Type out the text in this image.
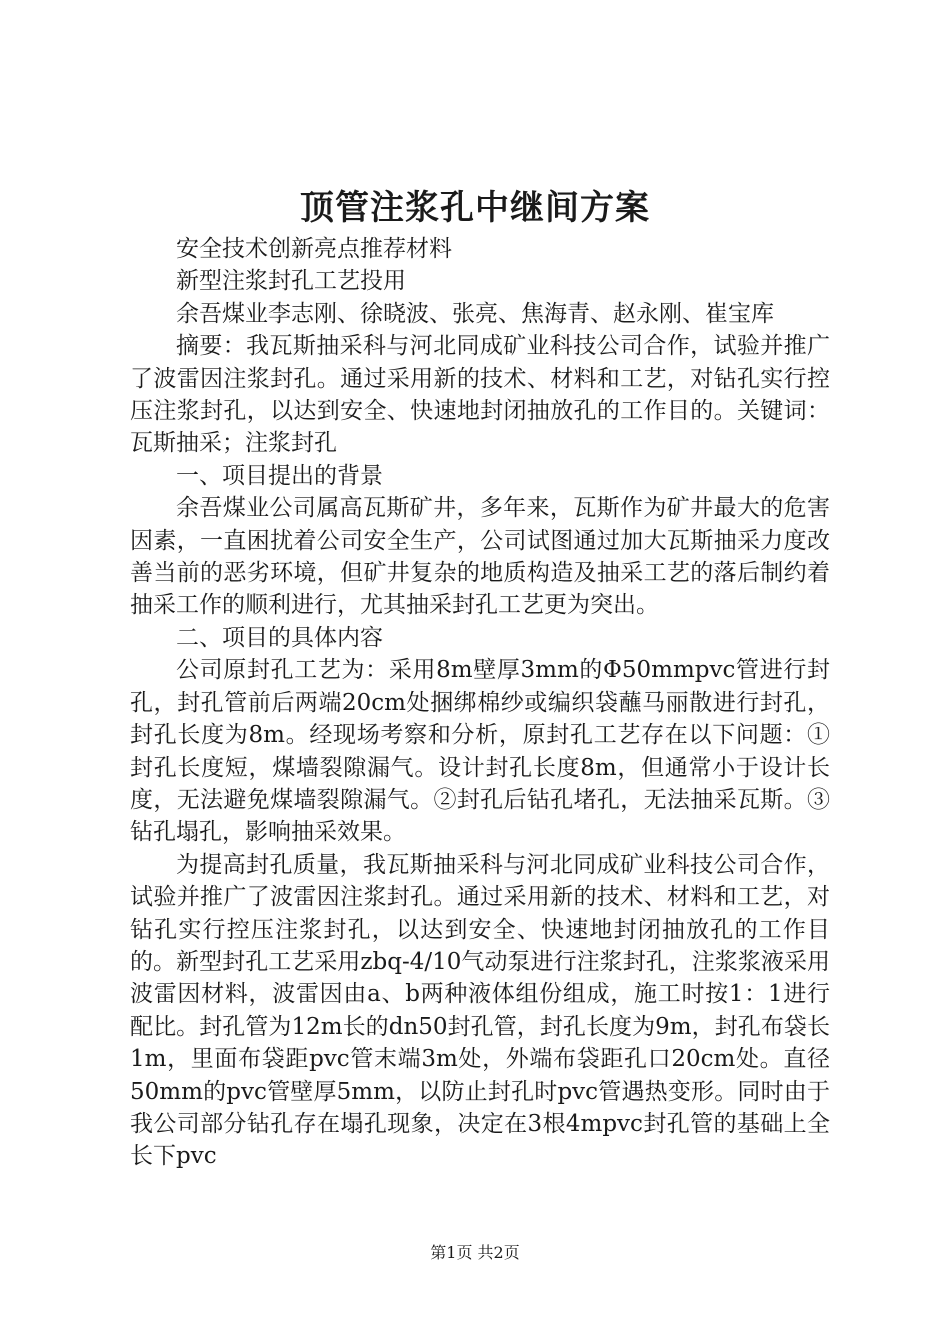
顶管注浆孔中继间方案

安全技术创新亮点推荐材料

新型注浆封孔工艺投用

余吾煤业李志刚、徐晓波、张亮、焦海青、赵永刚、崔宝库

摘要：我瓦斯抽采科与河北同成矿业科技公司合作，试验并推广了波雷因注浆封孔。通过采用新的技术、材料和工艺，对钻孔实行控压注浆封孔，以达到安全、快速地封闭抽放孔的工作目的。关键词：瓦斯抽采；注浆封孔

一、项目提出的背景

余吾煤业公司属高瓦斯矿井，多年来，瓦斯作为矿井最大的危害因素，一直困扰着公司安全生产，公司试图通过加大瓦斯抽采力度改善当前的恶劣环境，但矿井复杂的地质构造及抽采工艺的落后制约着抽采工作的顺利进行，尤其抽采封孔工艺更为突出。

二、项目的具体内容

公司原封孔工艺为：采用8m壁厚3mm的Φ50mmpvc管进行封孔，封孔管前后两端20cm处捆绑棉纱或编织袋蘸马丽散进行封孔，封孔长度为8m。经现场考察和分析，原封孔工艺存在以下问题：①封孔长度短，煤墙裂隙漏气。设计封孔长度8m，但通常小于设计长度，无法避免煤墙裂隙漏气。②封孔后钻孔堵孔，无法抽采瓦斯。③钻孔塌孔，影响抽采效果。

为提高封孔质量，我瓦斯抽采科与河北同成矿业科技公司合作，试验并推广了波雷因注浆封孔。通过采用新的技术、材料和工艺，对钻孔实行控压注浆封孔，以达到安全、快速地封闭抽放孔的工作目的。新型封孔工艺采用zbq-4/10气动泵进行注浆封孔，注浆浆液采用波雷因材料，波雷因由a、b两种液体组份组成，施工时按1：1进行配比。封孔管为12m长的dn50封孔管，封孔长度为9m，封孔布袋长1m，里面布袋距pvc管末端3m处，外端布袋距孔口20cm处。直径50mm的pvc管壁厚5mm，以防止封孔时pvc管遇热变形。同时由于我公司部分钻孔存在塌孔现象，决定在3根4mpvc封孔管的基础上全长下pvc

第1页 共2页
